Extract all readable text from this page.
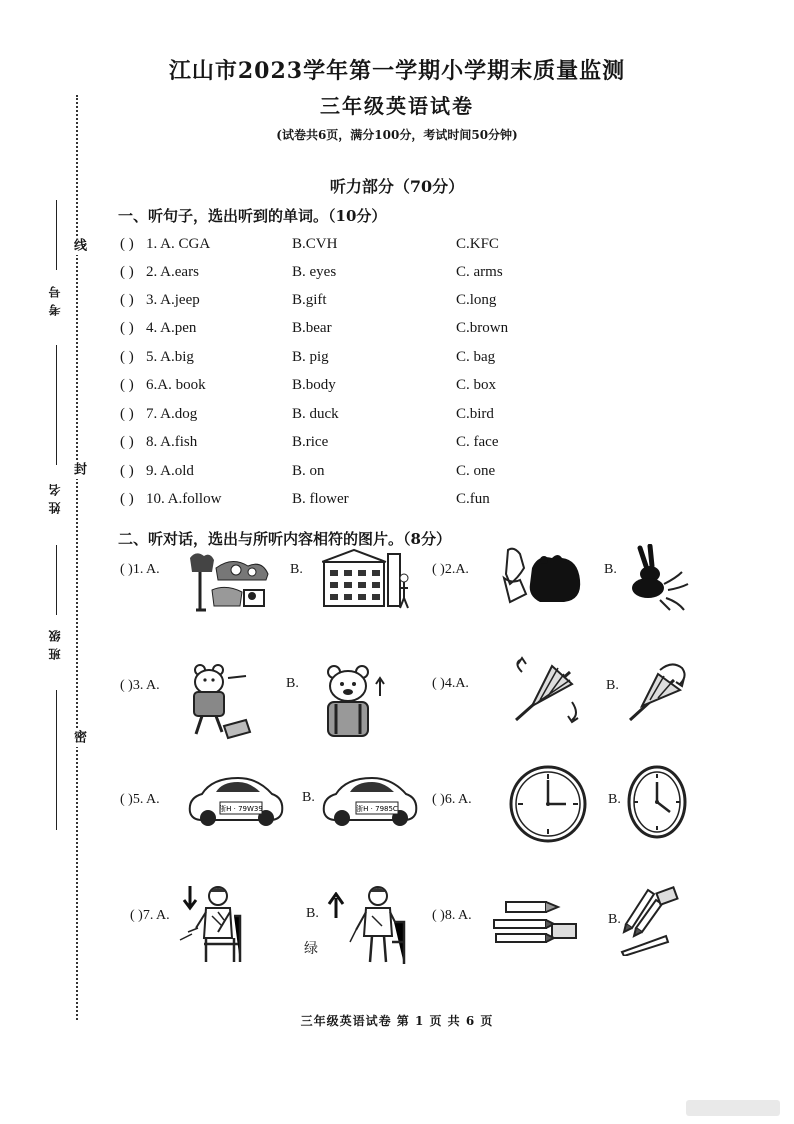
线
封
密
考号
姓名
班级
江山市2023学年第一学期小学期末质量监测
三年级英语试卷
(试卷共6页，满分100分，考试时间50分钟)
听力部分（70分）
一、听句子，选出听到的单词。（10分）
( ) 1. A. CGA	B.CVH	C.KFC
( ) 2. A.ears	B. eyes	C. arms
( ) 3. A.jeep	B.gift	C.long
( ) 4. A.pen	B.bear	C.brown
( ) 5. A.big	B. pig	C. bag
( ) 6.A. book	B.body	C. box
( ) 7. A.dog	B. duck	C.bird
( ) 8. A.fish	B.rice	C. face
( ) 9. A.old	B. on	C. one
( ) 10. A.follow	B. flower	C.fun
二、听对话，选出与所听内容相符的图片。（8分）
( )1. A.	B.	( )2.A.	B.
( )3. A.	B.	( )4.A.	B.
( )5. A.
浙H · 79W39
B.
浙H · 7985C
( )6. A.	B.
( )7. A.	B.
绿
( )8. A.	B.
三年级英语试卷 第 1 页 共 6 页
